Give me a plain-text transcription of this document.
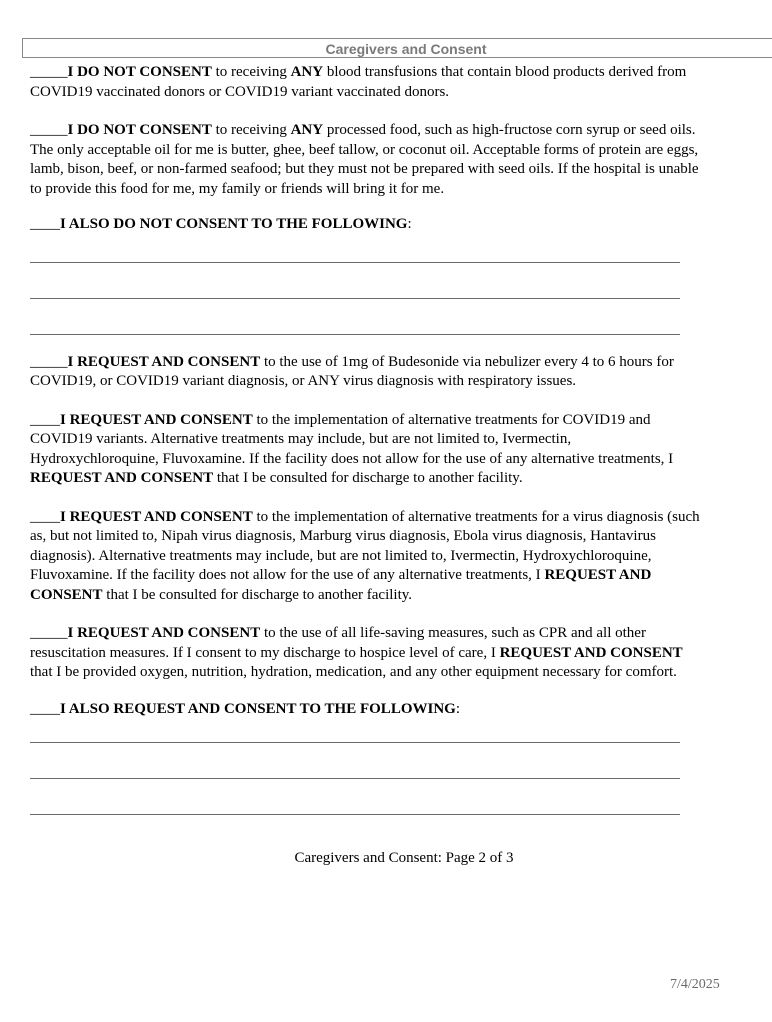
Caregivers and Consent
_____I DO NOT CONSENT to receiving ANY blood transfusions that contain blood products derived from
COVID19 vaccinated donors or COVID19 variant vaccinated donors.
_____I DO NOT CONSENT to receiving ANY processed food, such as high-fructose corn syrup or seed oils.
The only acceptable oil for me is butter, ghee, beef tallow, or coconut oil. Acceptable forms of protein are eggs,
lamb, bison, beef, or non-farmed seafood; but they must not be prepared with seed oils. If the hospital is unable
to provide this food for me, my family or friends will bring it for me.
____I ALSO DO NOT CONSENT TO THE FOLLOWING:
_____I REQUEST AND CONSENT to the use of 1mg of Budesonide via nebulizer every 4 to 6 hours for
COVID19, or COVID19 variant diagnosis, or ANY virus diagnosis with respiratory issues.
____I REQUEST AND CONSENT to the implementation of alternative treatments for COVID19 and
COVID19 variants. Alternative treatments may include, but are not limited to, Ivermectin,
Hydroxychloroquine, Fluvoxamine. If the facility does not allow for the use of any alternative treatments, I
REQUEST AND CONSENT that I be consulted for discharge to another facility.
____I REQUEST AND CONSENT to the implementation of alternative treatments for a virus diagnosis (such
as, but not limited to, Nipah virus diagnosis, Marburg virus diagnosis, Ebola virus diagnosis, Hantavirus
diagnosis). Alternative treatments may include, but are not limited to, Ivermectin, Hydroxychloroquine,
Fluvoxamine. If the facility does not allow for the use of any alternative treatments, I REQUEST AND
CONSENT that I be consulted for discharge to another facility.
_____I REQUEST AND CONSENT to the use of all life-saving measures, such as CPR and all other
resuscitation measures. If I consent to my discharge to hospice level of care, I REQUEST AND CONSENT
that I be provided oxygen, nutrition, hydration, medication, and any other equipment necessary for comfort.
____I ALSO REQUEST AND CONSENT TO THE FOLLOWING:
Caregivers and Consent: Page 2 of 3
7/4/2025
